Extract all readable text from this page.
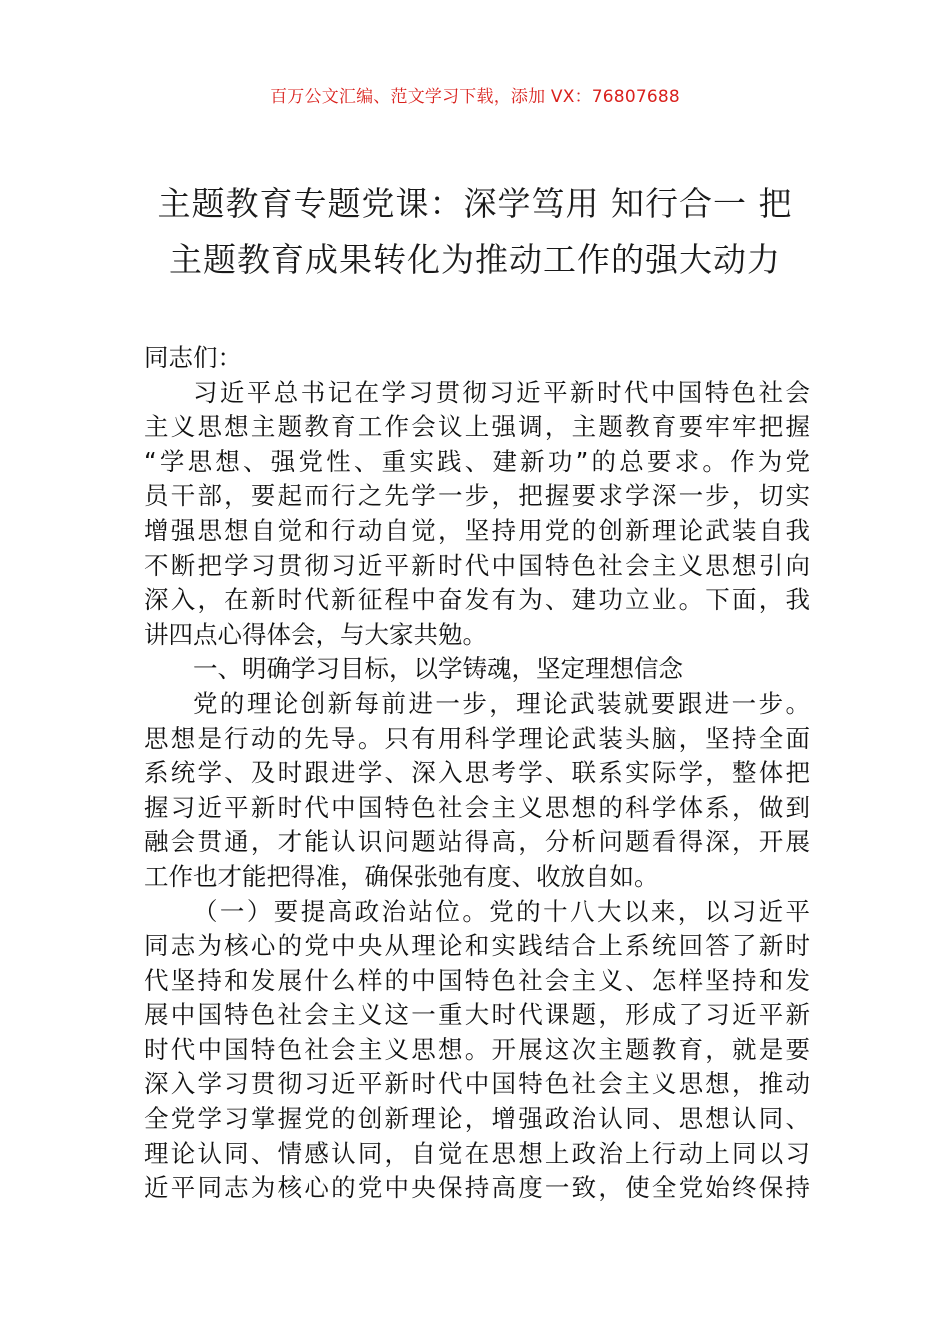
百万公文汇编、范文学习下载，添加 VX：76807688
主题教育专题党课：深学笃用 知行合一 把
主题教育成果转化为推动工作的强大动力
同志们：
习近平总书记在学习贯彻习近平新时代中国特色社会
主义思想主题教育工作会议上强调，主题教育要牢牢把握
“学思想、强党性、重实践、建新功”的总要求。作为党
员干部，要起而行之先学一步，把握要求学深一步，切实
增强思想自觉和行动自觉，坚持用党的创新理论武装自我
不断把学习贯彻习近平新时代中国特色社会主义思想引向
深入，在新时代新征程中奋发有为、建功立业。下面，我
讲四点心得体会，与大家共勉。
一、明确学习目标，以学铸魂，坚定理想信念
党的理论创新每前进一步，理论武装就要跟进一步。
思想是行动的先导。只有用科学理论武装头脑，坚持全面
系统学、及时跟进学、深入思考学、联系实际学，整体把
握习近平新时代中国特色社会主义思想的科学体系，做到
融会贯通，才能认识问题站得高，分析问题看得深，开展
工作也才能把得准，确保张弛有度、收放自如。
（一）要提高政治站位。党的十八大以来，以习近平
同志为核心的党中央从理论和实践结合上系统回答了新时
代坚持和发展什么样的中国特色社会主义、怎样坚持和发
展中国特色社会主义这一重大时代课题，形成了习近平新
时代中国特色社会主义思想。开展这次主题教育，就是要
深入学习贯彻习近平新时代中国特色社会主义思想，推动
全党学习掌握党的创新理论，增强政治认同、思想认同、
理论认同、情感认同，自觉在思想上政治上行动上同以习
近平同志为核心的党中央保持高度一致，使全党始终保持
